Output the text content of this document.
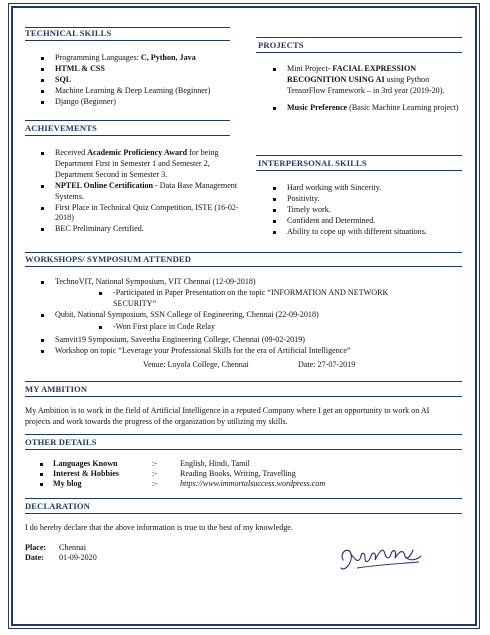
TECHNICAL SKILLS
Programming Languages: C, Python, Java
HTML & CSS
SQL
Machine Learning & Deep Learning (Beginner)
Django (Beginner)
PROJECTS
Mini Project- FACIAL EXPRESSION RECOGNITION USING AI using Python TensorFlow Framework – in 3rd year (2019-20).
Music Preference (Basic Machine Learning project)
ACHIEVEMENTS
Received Academic Proficiency Award for being Department First in Semester 1 and Semester 2, Department Second in Semester 3.
NPTEL Online Certification - Data Base Management Systems.
First Place in Technical Quiz Competition, ISTE (16-02-2018)
BEC Preliminary Certified.
INTERPERSONAL SKILLS
Hard working with Sincerity.
Positivity.
Timely work.
Confident and Determined.
Ability to cope up with different situations.
WORKSHOPS/ SYMPOSIUM ATTENDED
TechnoVIT, National Symposium, VIT Chennai (12-09-2018)
-Participated in Paper Presentation on the topic “INFORMATION AND NETWORK SECURITY”
Qubit, National Symposium, SSN College of Engineering, Chennai (22-09-2018)
-Won First place in Code Relay
Samvit19 Symposium, Saveetha Engineering College, Chennai (09-02-2019)
Workshop on topic “Leverage your Professional Skills for the era of Artificial Intelligence”
Venue: Loyola College, Chennai	Date: 27-07-2019
MY AMBITION
My Ambition is to work in the field of Artificial Intelligence in a reputed Company where I get an opportunity to work on AI projects and work towards the progress of the organization by utilizing my skills.
OTHER DETAILS
Languages Known	:-	English, Hindi, Tamil
Interest & Hobbies	:-	Reading Books, Writing, Travelling
My blog	:-	https://www.immortalsuccess.wordpress.com
DECLARATION
I do hereby declare that the above information is true to the best of my knowledge.
Place: Chennai
Date: 01-09-2020
